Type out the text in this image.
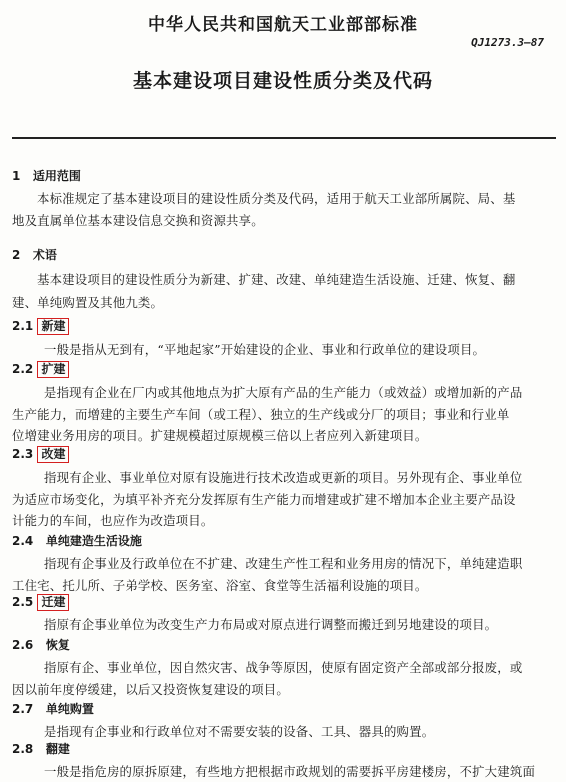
中华人民共和国航天工业部部标准
QJ1273.3—87
基本建设项目建设性质分类及代码
1 适用范围
本标准规定了基本建设项目的建设性质分类及代码，适用于航天工业部所属院、局、基
地及直属单位基本建设信息交换和资源共享。
2 术语
基本建设项目的建设性质分为新建、扩建、改建、单纯建造生活设施、迁建、恢复、翻
建、单纯购置及其他九类。
2.1 新建
一般是指从无到有，“平地起家”开始建设的企业、事业和行政单位的建设项目。
2.2 扩建
是指现有企业在厂内或其他地点为扩大原有产品的生产能力（或效益）或增加新的产品
生产能力，而增建的主要生产车间（或工程）、独立的生产线或分厂的项目；事业和行业单
位增建业务用房的项目。扩建规模超过原规模三倍以上者应列入新建项目。
2.3 改建
指现有企业、事业单位对原有设施进行技术改造或更新的项目。另外现有企、事业单位
为适应市场变化，为填平补齐充分发挥原有生产能力而增建或扩建不增加本企业主要产品设
计能力的车间，也应作为改造项目。
2.4 单纯建造生活设施
指现有企事业及行政单位在不扩建、改建生产性工程和业务用房的情况下，单纯建造职
工住宅、托儿所、子弟学校、医务室、浴室、食堂等生活福利设施的项目。
2.5 迁建
指原有企事业单位为改变生产力布局或对原点进行调整而搬迁到另地建设的项目。
2.6 恢复
指原有企、事业单位，因自然灾害、战争等原因，使原有固定资产全部或部分报废，或
因以前年度停缓建，以后又投资恢复建设的项目。
2.7 单纯购置
是指现有企事业和行政单位对不需要安装的设备、工具、器具的购置。
2.8 翻建
一般是指危房的原拆原建，有些地方把根据市政规划的需要拆平房建楼房，不扩大建筑面
